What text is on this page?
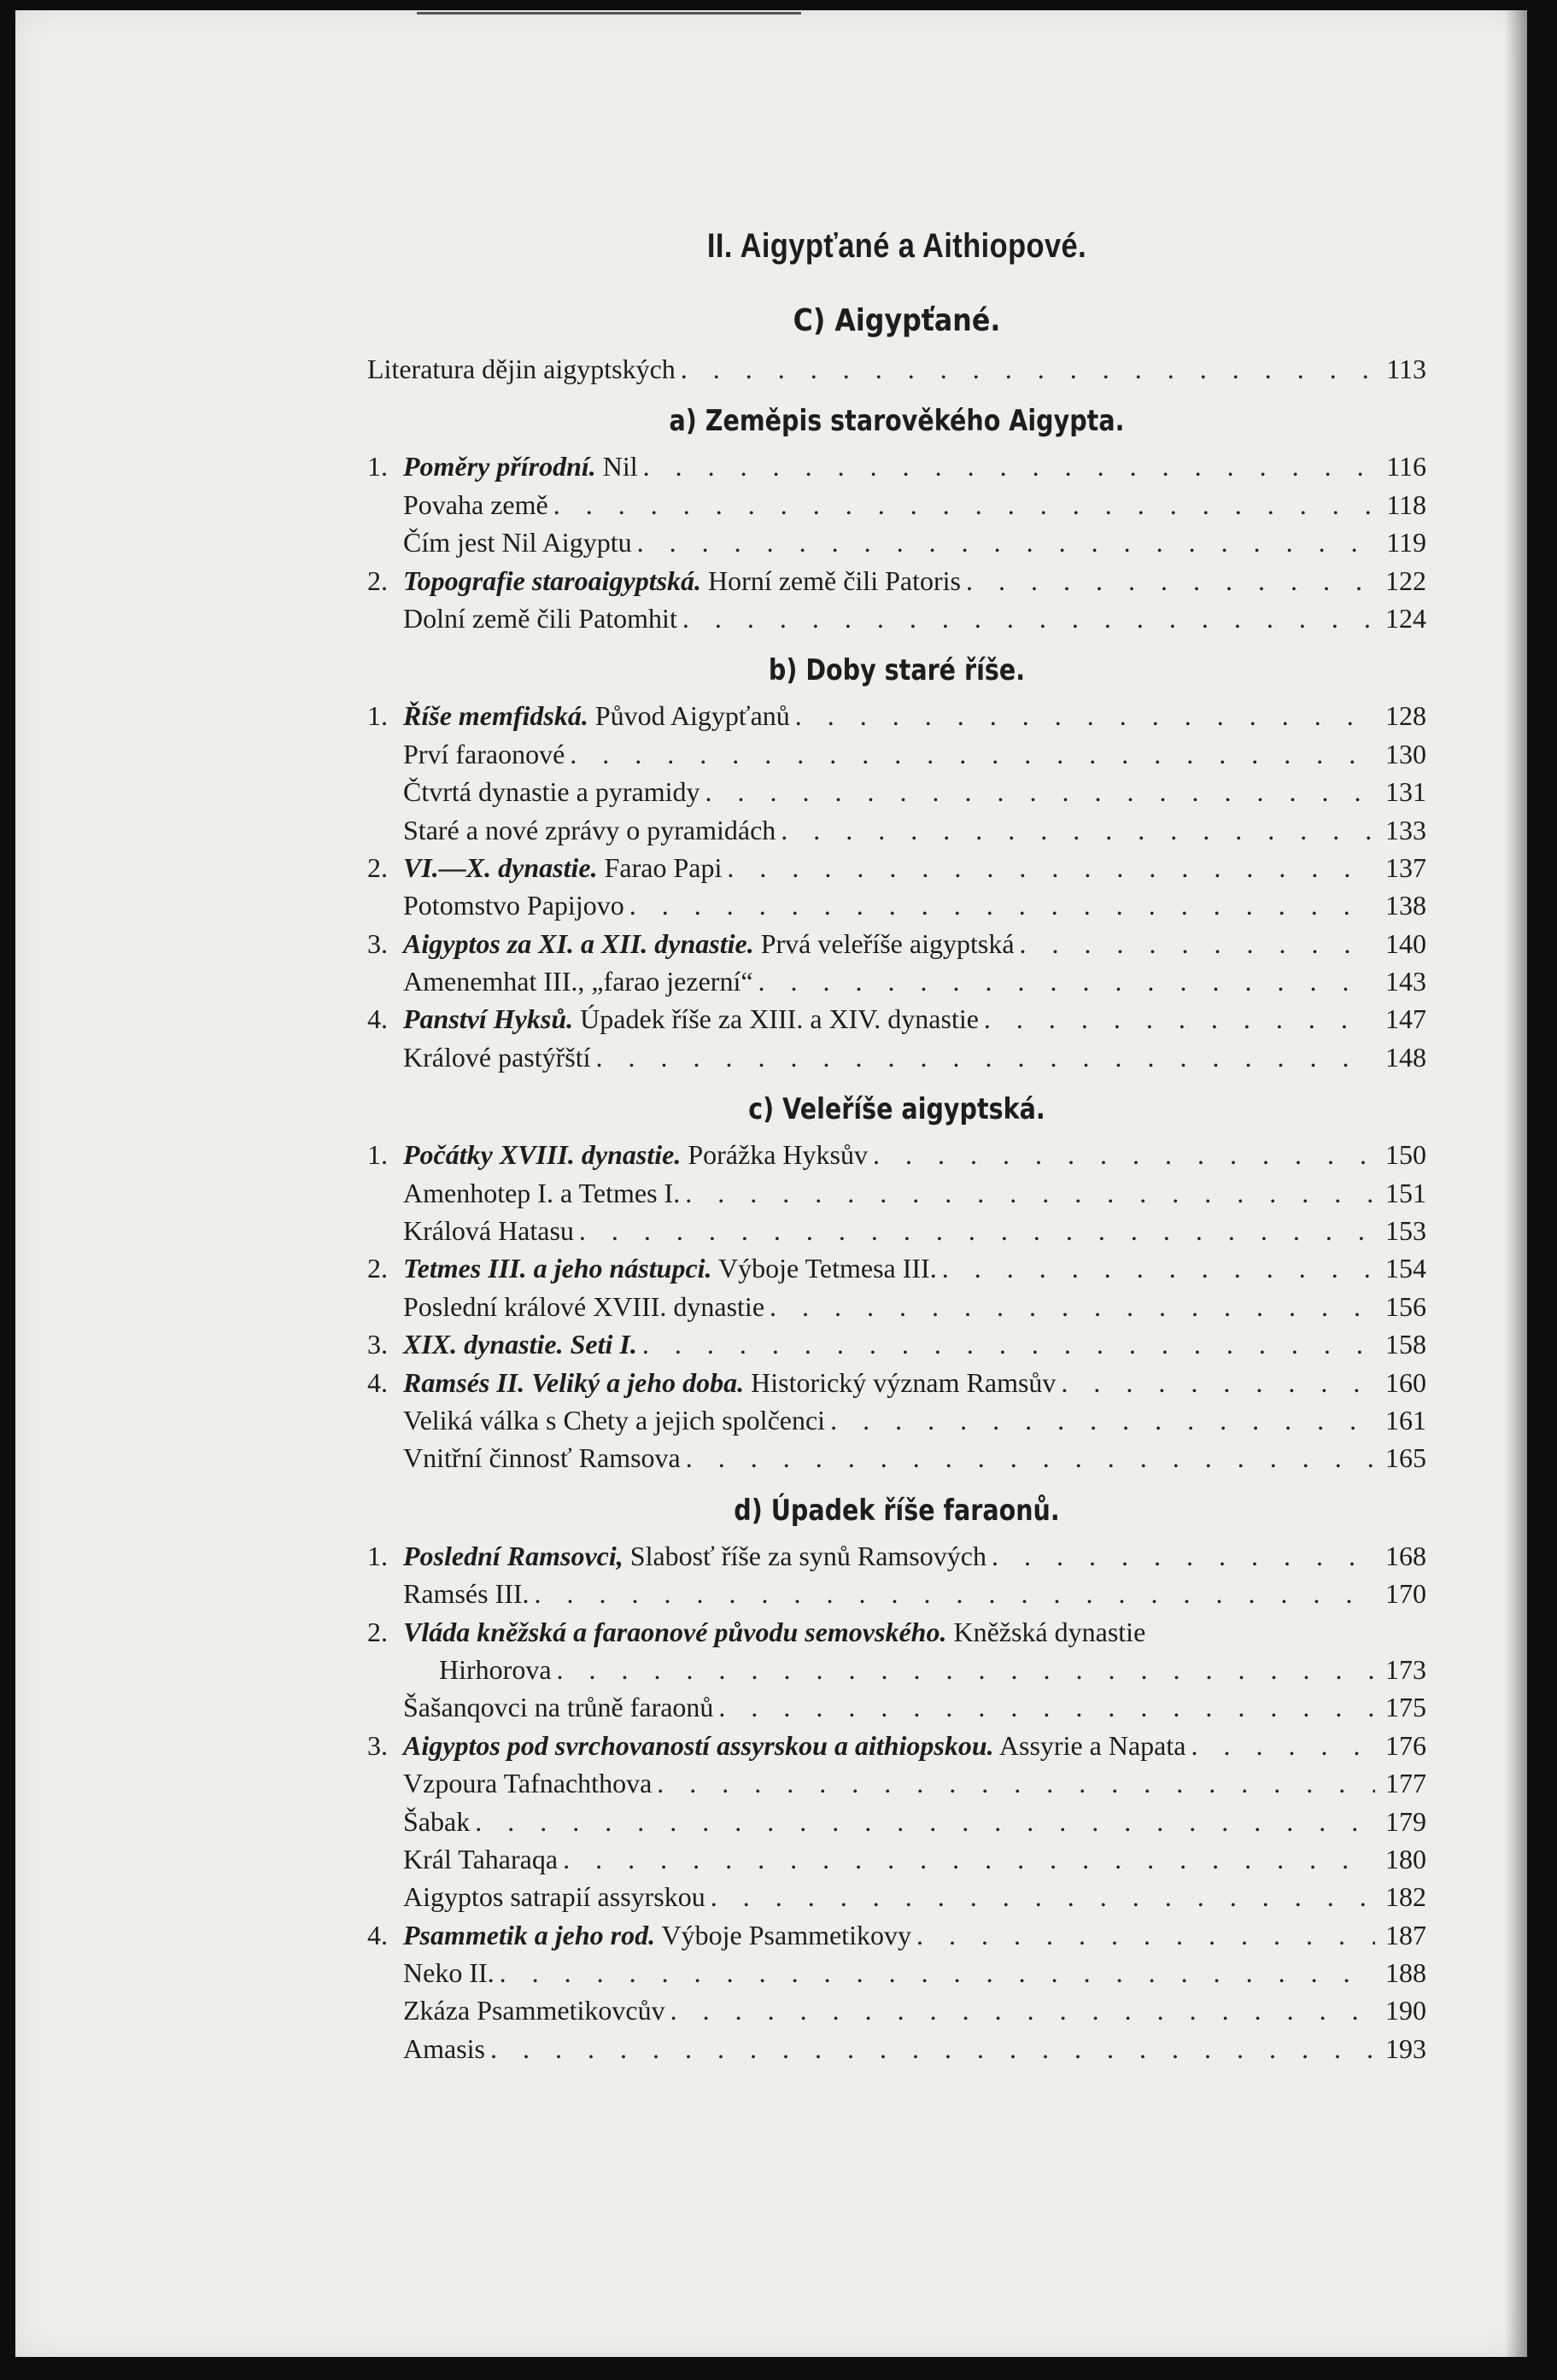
II. Aigypťané a Aithiopové.
C) Aigypťané.
Literatura dějin aigyptských . . .	113
a) Zeměpis starověkého Aigypta.
1. Poměry přírodní. Nil . . .	116
Povaha země . . .	118
Čím jest Nil Aigyptu . . .	119
2. Topografie staroaigyptská. Horní země čili Patoris . . .	122
Dolní země čili Patomhit . . .	124
b) Doby staré říše.
1. Říše memfidská. Původ Aigypťanů . . .	128
Prví faraonové . . .	130
Čtvrtá dynastie a pyramidy . . .	131
Staré a nové zprávy o pyramidách . . .	133
2. VI.—X. dynastie. Farao Papi . . .	137
Potomstvo Papijovo . . .	138
3. Aigyptos za XI. a XII. dynastie. Prvá veleříše aigyptská . . .	140
Amenemhat III., „farao jezerní“ . . .	143
4. Panství Hyksů. Úpadek říše za XIII. a XIV. dynastie . . .	147
Králové pastýřští . . .	148
c) Veleříše aigyptská.
1. Počátky XVIII. dynastie. Porážka Hyksův . . .	150
Amenhotep I. a Tetmes I. . . .	151
Králová Hatasu . . .	153
2. Tetmes III. a jeho nástupci. Výboje Tetmesa III. . . .	154
Poslední králové XVIII. dynastie . . .	156
3. XIX. dynastie. Seti I. . . .	158
4. Ramsés II. Veliký a jeho doba. Historický význam Ramsův . . .	160
Veliká válka s Chety a jejich spolčenci . . .	161
Vnitřní činnosť Ramsova . . .	165
d) Úpadek říše faraonů.
1. Poslední Ramsovci, Slabosť říše za synů Ramsových . . .	168
Ramsés III. . . .	170
2. Vláda kněžská a faraonové původu semovského. Kněžská dynastie
Hirhorova . . .	173
Šašanqovci na trůně faraonů . . .	175
3. Aigyptos pod svrchovaností assyrskou a aithiopskou. Assyrie a Napata . . .	176
Vzpoura Tafnachthova . . .	177
Šabak . . .	179
Král Taharaqa . . .	180
Aigyptos satrapií assyrskou . . .	182
4. Psammetik a jeho rod. Výboje Psammetikovy . . .	187
Neko II. . . .	188
Zkáza Psammetikovcův . . .	190
Amasis . . .	193
